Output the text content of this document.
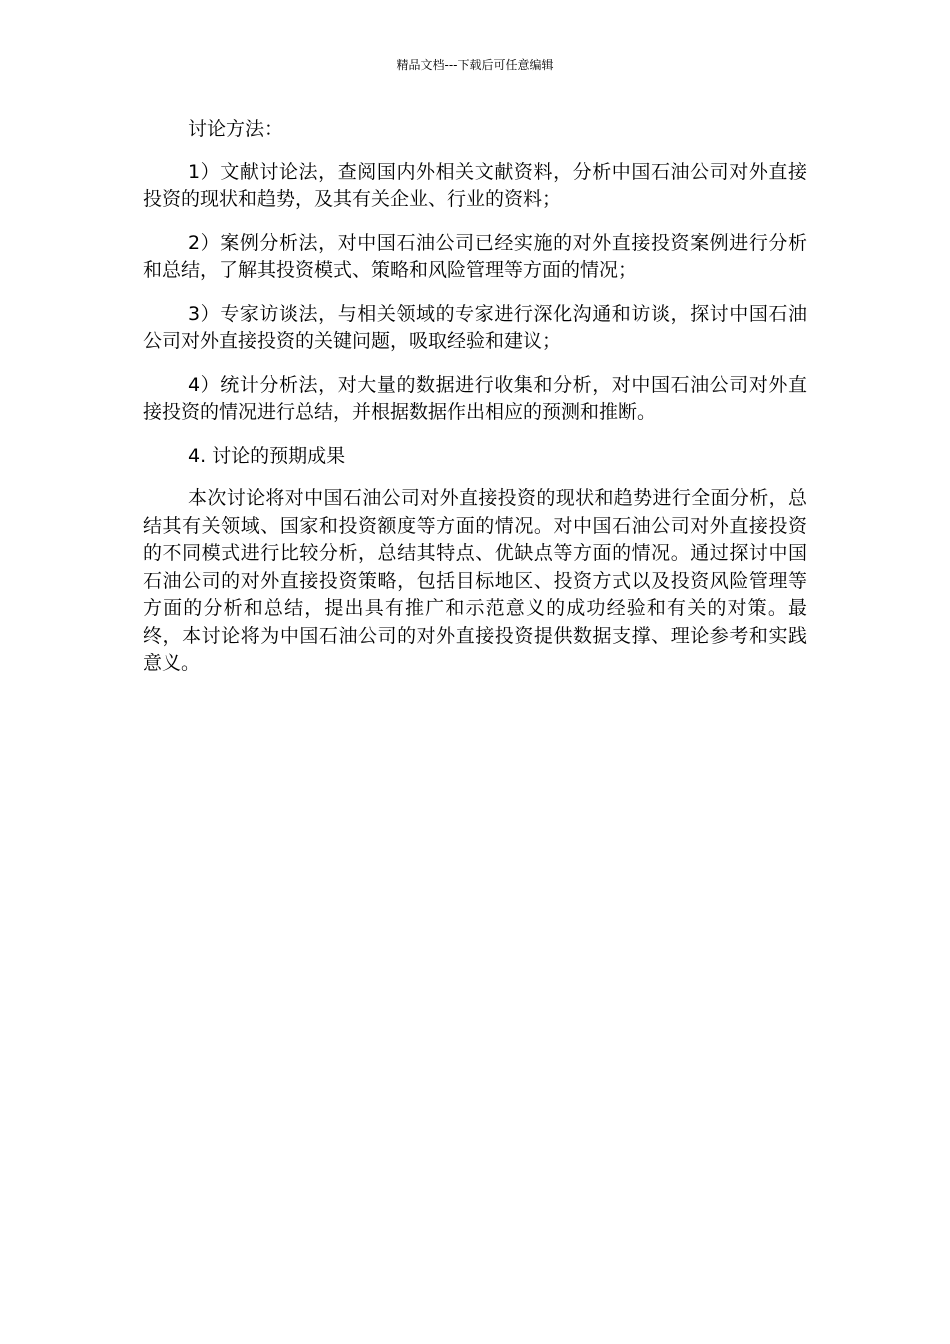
精品文档---下载后可任意编辑

讨论方法：

1）文献讨论法，查阅国内外相关文献资料，分析中国石油公司对外直接投资的现状和趋势，及其有关企业、行业的资料；

2）案例分析法，对中国石油公司已经实施的对外直接投资案例进行分析和总结，了解其投资模式、策略和风险管理等方面的情况；

3）专家访谈法，与相关领域的专家进行深化沟通和访谈，探讨中国石油公司对外直接投资的关键问题，吸取经验和建议；

4）统计分析法，对大量的数据进行收集和分析，对中国石油公司对外直接投资的情况进行总结，并根据数据作出相应的预测和推断。

4. 讨论的预期成果

本次讨论将对中国石油公司对外直接投资的现状和趋势进行全面分析，总结其有关领域、国家和投资额度等方面的情况。对中国石油公司对外直接投资的不同模式进行比较分析，总结其特点、优缺点等方面的情况。通过探讨中国石油公司的对外直接投资策略，包括目标地区、投资方式以及投资风险管理等方面的分析和总结，提出具有推广和示范意义的成功经验和有关的对策。最终，本讨论将为中国石油公司的对外直接投资提供数据支撑、理论参考和实践意义。
